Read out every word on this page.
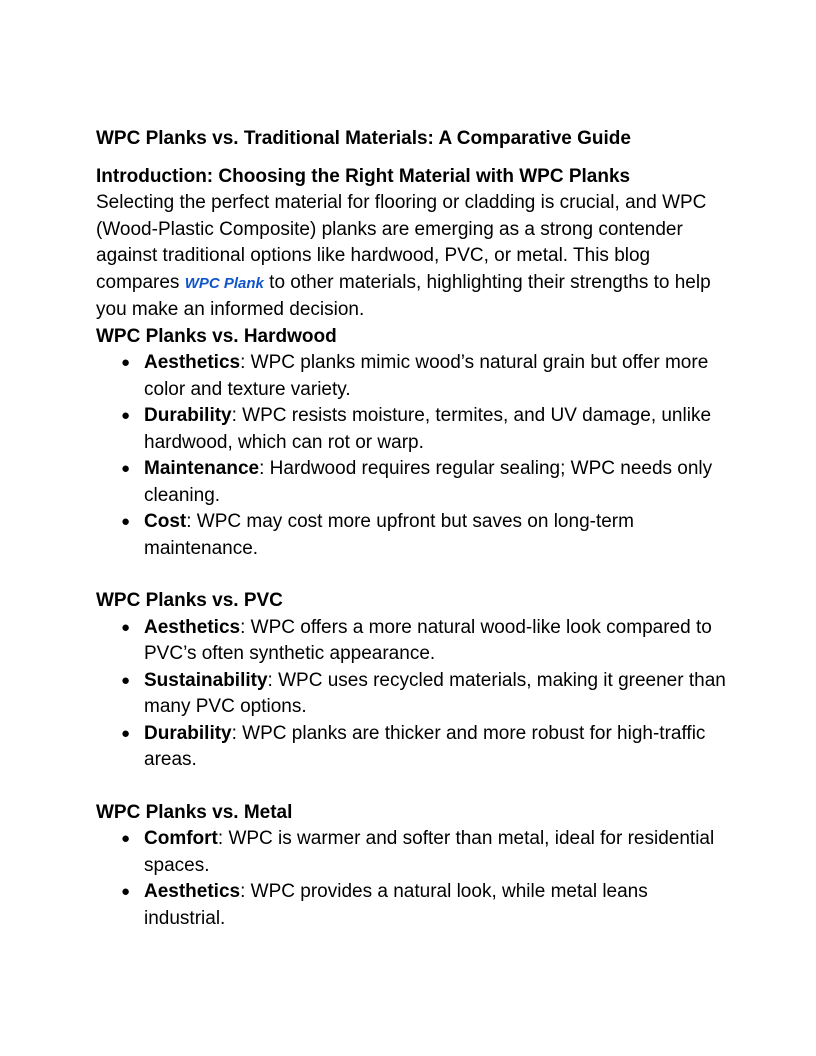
WPC Planks vs. Traditional Materials: A Comparative Guide
Introduction: Choosing the Right Material with WPC Planks

Selecting the perfect material for flooring or cladding is crucial, and WPC (Wood-Plastic Composite) planks are emerging as a strong contender against traditional options like hardwood, PVC, or metal. This blog compares WPC Plank to other materials, highlighting their strengths to help you make an informed decision.

WPC Planks vs. Hardwood
● Aesthetics: WPC planks mimic wood’s natural grain but offer more color and texture variety.
● Durability: WPC resists moisture, termites, and UV damage, unlike hardwood, which can rot or warp.
● Maintenance: Hardwood requires regular sealing; WPC needs only cleaning.
● Cost: WPC may cost more upfront but saves on long-term maintenance.
WPC Planks vs. PVC
● Aesthetics: WPC offers a more natural wood-like look compared to PVC’s often synthetic appearance.
● Sustainability: WPC uses recycled materials, making it greener than many PVC options.
● Durability: WPC planks are thicker and more robust for high-traffic areas.
WPC Planks vs. Metal
● Comfort: WPC is warmer and softer than metal, ideal for residential spaces.
● Aesthetics: WPC provides a natural look, while metal leans industrial.
